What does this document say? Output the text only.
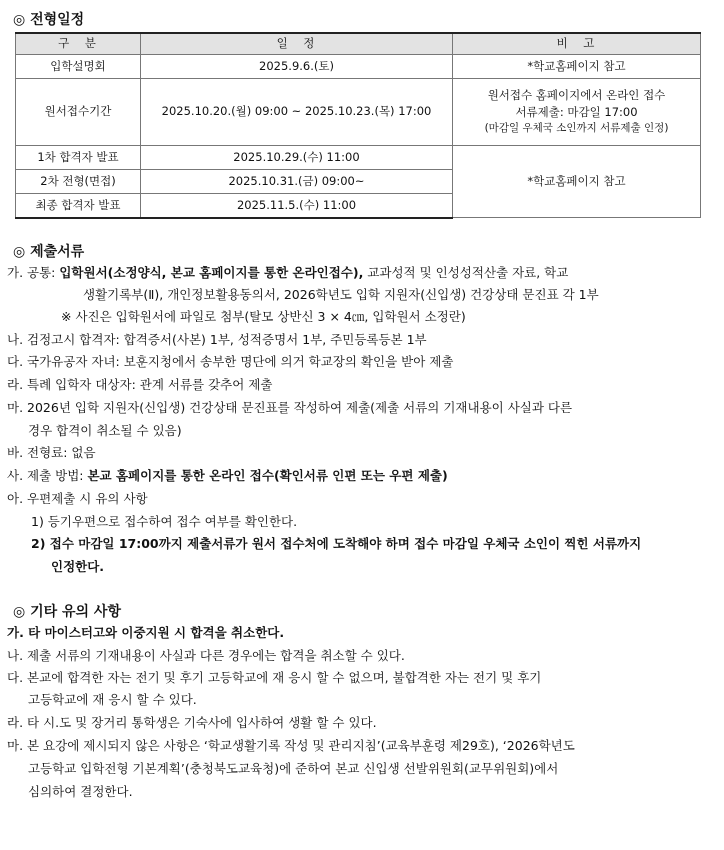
◎ 전형일정
구　분	일　정	비　고
입학설명회	2025.9.6.(토)	*학교홈페이지 참고
원서접수기간	2025.10.20.(월) 09:00 ~ 2025.10.23.(목) 17:00	원서접수 홈페이지에서 온라인 접수
서류제출: 마감일 17:00
(마감일 우체국 소인까지 서류제출 인정)

1차 합격자 발표	2025.10.29.(수) 11:00	*학교홈페이지 참고
2차 전형(면접)	2025.10.31.(금) 09:00~	
최종 합격자 발표	2025.11.5.(수) 11:00	
◎ 제출서류
가. 공통: 입학원서(소정양식, 본교 홈페이지를 통한 온라인접수), 교과성적 및 인성성적산출 자료, 학교
생활기록부(Ⅱ), 개인정보활용동의서, 2026학년도 입학 지원자(신입생) 건강상태 문진표 각 1부
※ 사진은 입학원서에 파일로 첨부(탈모 상반신 3 × 4㎝, 입학원서 소정란)
나. 검정고시 합격자: 합격증서(사본) 1부, 성적증명서 1부, 주민등록등본 1부
다. 국가유공자 자녀: 보훈지청에서 송부한 명단에 의거 학교장의 확인을 받아 제출
라. 특례 입학자 대상자: 관계 서류를 갖추어 제출
마. 2026년 입학 지원자(신입생) 건강상태 문진표를 작성하여 제출(제출 서류의 기재내용이 사실과 다른
경우 합격이 취소될 수 있음)
바. 전형료: 없음
사. 제출 방법: 본교 홈페이지를 통한 온라인 접수(확인서류 인편 또는 우편 제출)
아. 우편제출 시 유의 사항
1) 등기우편으로 접수하여 접수 여부를 확인한다.
2) 접수 마감일 17:00까지 제출서류가 원서 접수처에 도착해야 하며 접수 마감일 우체국 소인이 찍힌 서류까지
인정한다.
◎ 기타 유의 사항
가. 타 마이스터고와 이중지원 시 합격을 취소한다.
나. 제출 서류의 기재내용이 사실과 다른 경우에는 합격을 취소할 수 있다.
다. 본교에 합격한 자는 전기 및 후기 고등학교에 재 응시 할 수 없으며, 불합격한 자는 전기 및 후기
고등학교에 재 응시 할 수 있다.
라. 타 시.도 및 장거리 통학생은 기숙사에 입사하여 생활 할 수 있다.
마. 본 요강에 제시되지 않은 사항은 ‘학교생활기록 작성 및 관리지침’(교육부훈령 제29호), ‘2026학년도
고등학교 입학전형 기본계획’(충청북도교육청)에 준하여 본교 신입생 선발위원회(교무위원회)에서
심의하여 결정한다.
